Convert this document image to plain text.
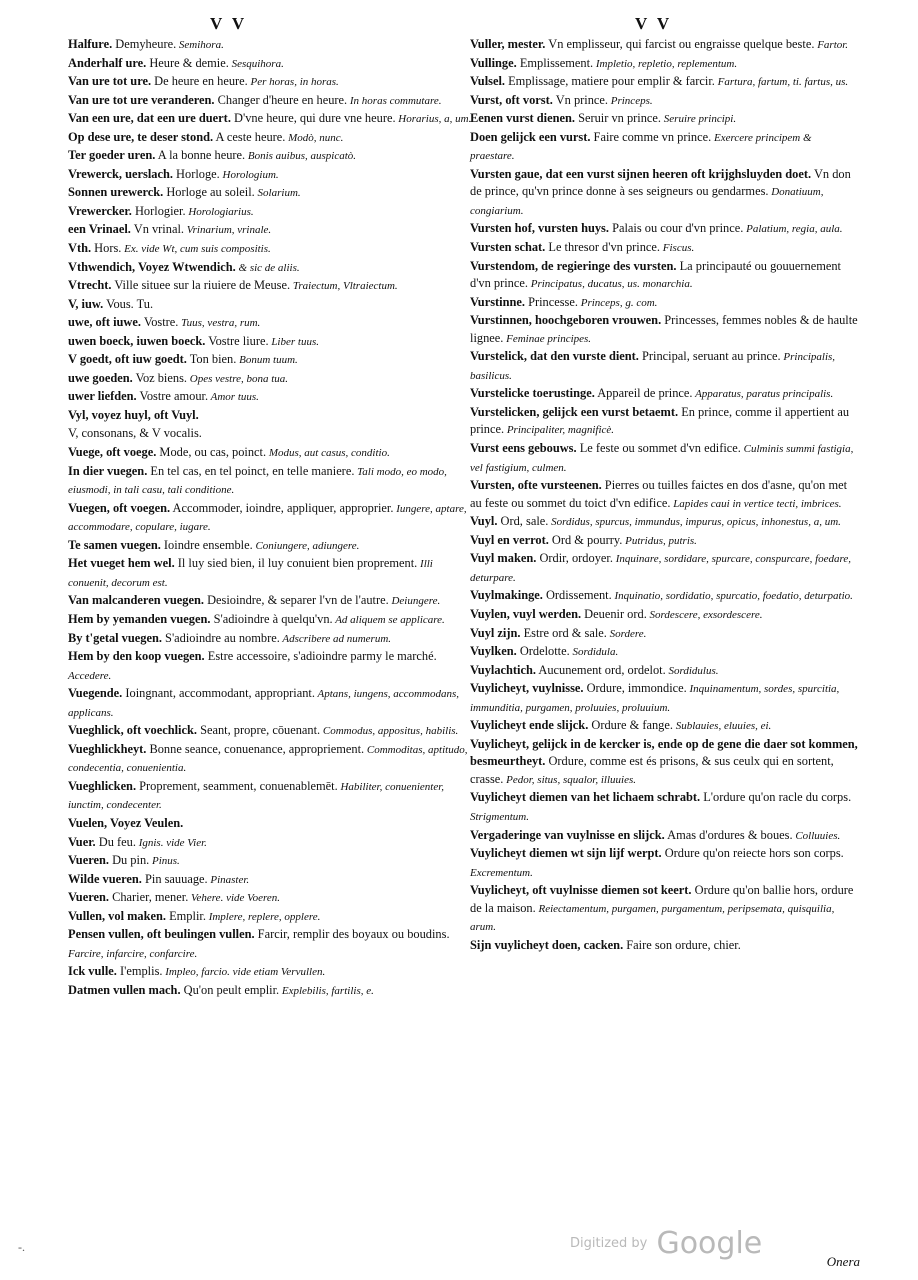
V V	V V

Halfure. Demyheure. Semihora.

Anderhalf ure. Heure & demie. Sesquihora.

Van ure tot ure. De heure en heure. Per horas, in horas.

Van ure tot ure veranderen. Changer d'heure en heure. In horas commutare.

Van een ure, dat een ure duert. D'vne heure, qui dure vne heure. Horarius, a, um.

Op dese ure, te deser stond. A ceste heure. Modò, nunc.

Ter goeder uren. A la bonne heure. Bonis auibus, auspicatò.

Vrewerck, uerslach. Horloge. Horologium.

Sonnen urewerck. Horloge au soleil. Solarium.

Vrewercker. Horlogier. Horologiarius.

een Vrinael. Vn vrinal. Vrinarium, vrinale.

Vth. Hors. Ex. vide Wt, cum suis compositis.

Vthwendich, Voyez Wtwendich. & sic de aliis.

Vtrecht. Ville situee sur la riuiere de Meuse. Traiectum, Vltraiectum.

V, iuw. Vous. Tu.

uwe, oft iuwe. Vostre. Tuus, vestra, rum.

uwen boeck, iuwen boeck. Vostre liure. Liber tuus.

V goedt, oft iuw goedt. Ton bien. Bonum tuum.

uwe goeden. Voz biens. Opes vestre, bona tua.

uwer liefden. Vostre amour. Amor tuus.

Vyl, voyez huyl, oft Vuyl.

V, consonans, & V vocalis.

Vuege, oft voege. Mode, ou cas, poinct. Modus, aut casus, conditio.

In dier vuegen. En tel cas, en tel poinct, en telle maniere. Tali modo, eo modo, eiusmodi, in tali casu, tali conditione.

Vuegen, oft voegen. Accommoder, ioindre, appliquer, approprier. Iungere, aptare, accommodare, copulare, iugare.

Te samen vuegen. Ioindre ensemble. Coniungere, adiungere.

Het vueget hem wel. Il luy sied bien, il luy conuient bien proprement. Illi conuenit, decorum est.

Van malcanderen vuegen. Desioindre, & separer l'vn de l'autre. Deiungere.

Hem by yemanden vuegen. S'adioindre à quelqu'vn. Ad aliquem se applicare.

By t'getal vuegen. S'adioindre au nombre. Adscribere ad numerum.

Hem by den koop vuegen. Estre accessoire, s'adioindre parmy le marché. Accedere.

Vuegende. Ioingnant, accommodant, appropriant. Aptans, iungens, accommodans, applicans.

Vueghlick, oft voechlick. Seant, propre, cōuenant. Commodus, appositus, habilis.

Vueghlickheyt. Bonne seance, conuenance, appropriement. Commoditas, aptitudo, condecentia, conuenientia.

Vueghlicken. Proprement, seamment, conuenablemēt. Habiliter, conuenienter, iunctim, condecenter.

Vuelen, Voyez Veulen.

Vuer. Du feu. Ignis. vide Vier.

Vueren. Du pin. Pinus.

Wilde vueren. Pin sauuage. Pinaster.

Vueren. Charier, mener. Vehere. vide Voeren.

Vullen, vol maken. Emplir. Implere, replere, opplere.

Pensen vullen, oft beulingen vullen. Farcir, remplir des boyaux ou boudins. Farcire, infarcire, confarcire.

Ick vulle. I'emplis. Impleo, farcio. vide etiam Vervullen.

Datmen vullen mach. Qu'on peult emplir. Explebilis, fartilis, e.

Vuller, mester. Vn emplisseur, qui farcist ou engraisse quelque beste. Fartor.

Vullinge. Emplissement. Impletio, repletio, replementum.

Vulsel. Emplissage, matiere pour emplir & farcir. Fartura, fartum, ti. fartus, us.

Vurst, oft vorst. Vn prince. Princeps.

Eenen vurst dienen. Seruir vn prince. Seruire principi.

Doen gelijck een vurst. Faire comme vn prince. Exercere principem & praestare.

Vursten gaue, dat een vurst sijnen heeren oft krijghsluyden doet. Vn don de prince, qu'vn prince donne à ses seigneurs ou gendarmes. Donatiuum, congiarium.

Vursten hof, vursten huys. Palais ou cour d'vn prince. Palatium, regia, aula.

Vursten schat. Le thresor d'vn prince. Fiscus.

Vurstendom, de regieringe des vursten. La principauté ou gouuernement d'vn prince. Principatus, ducatus, us. monarchia.

Vurstinne. Princesse. Princeps, g. com.

Vurstinnen, hoochgeboren vrouwen. Princesses, femmes nobles & de haulte lignee. Feminae principes.

Vurstelick, dat den vurste dient. Principal, seruant au prince. Principalis, basilicus.

Vurstelicke toerustinge. Appareil de prince. Apparatus, paratus principalis.

Vurstelicken, gelijck een vurst betaemt. En prince, comme il appertient au prince. Principaliter, magnificè.

Vurst eens gebouws. Le feste ou sommet d'vn edifice. Culminis summi fastigia, vel fastigium, culmen.

Vursten, ofte vursteenen. Pierres ou tuilles faictes en dos d'asne, qu'on met au feste ou sommet du toict d'vn edifice. Lapides caui in vertice tecti, imbrices.

Vuyl. Ord, sale. Sordidus, spurcus, immundus, impurus, opicus, inhonestus, a, um.

Vuyl en verrot. Ord & pourry. Putridus, putris.

Vuyl maken. Ordir, ordoyer. Inquinare, sordidare, spurcare, conspurcare, foedare, deturpare.

Vuylmakinge. Ordissement. Inquinatio, sordidatio, spurcatio, foedatio, deturpatio.

Vuylen, vuyl werden. Deuenir ord. Sordescere, exsordescere.

Vuyl zijn. Estre ord & sale. Sordere.

Vuylken. Ordelotte. Sordidula.

Vuylachtich. Aucunement ord, ordelot. Sordidulus.

Vuylicheyt, vuylnisse. Ordure, immondice. Inquinamentum, sordes, spurcitia, immunditia, purgamen, proluuies, proluuium.

Vuylicheyt ende slijck. Ordure & fange. Sublauies, eluuies, ei.

Vuylicheyt, gelijck in de kercker is, ende op de gene die daer sot kommen, besmeurtheyt. Ordure, comme est és prisons, & sus ceulx qui en sortent, crasse. Pedor, situs, squalor, illuuies.

Vuylicheyt diemen van het lichaem schrabt. L'ordure qu'on racle du corps. Strigmentum.

Vergaderinge van vuylnisse en slijck. Amas d'ordures & boues. Colluuies.

Vuylicheyt diemen wt sijn lijf werpt. Ordure qu'on reiecte hors son corps. Excrementum.

Vuylicheyt, oft vuylnisse diemen sot keert. Ordure qu'on ballie hors, ordure de la maison. Reiectamentum, purgamen, purgamentum, peripsemata, quisquilia, arum.

Sijn vuylicheyt doen, cacken. Faire son ordure, chier.

Onera
Digitized by Google
-.
